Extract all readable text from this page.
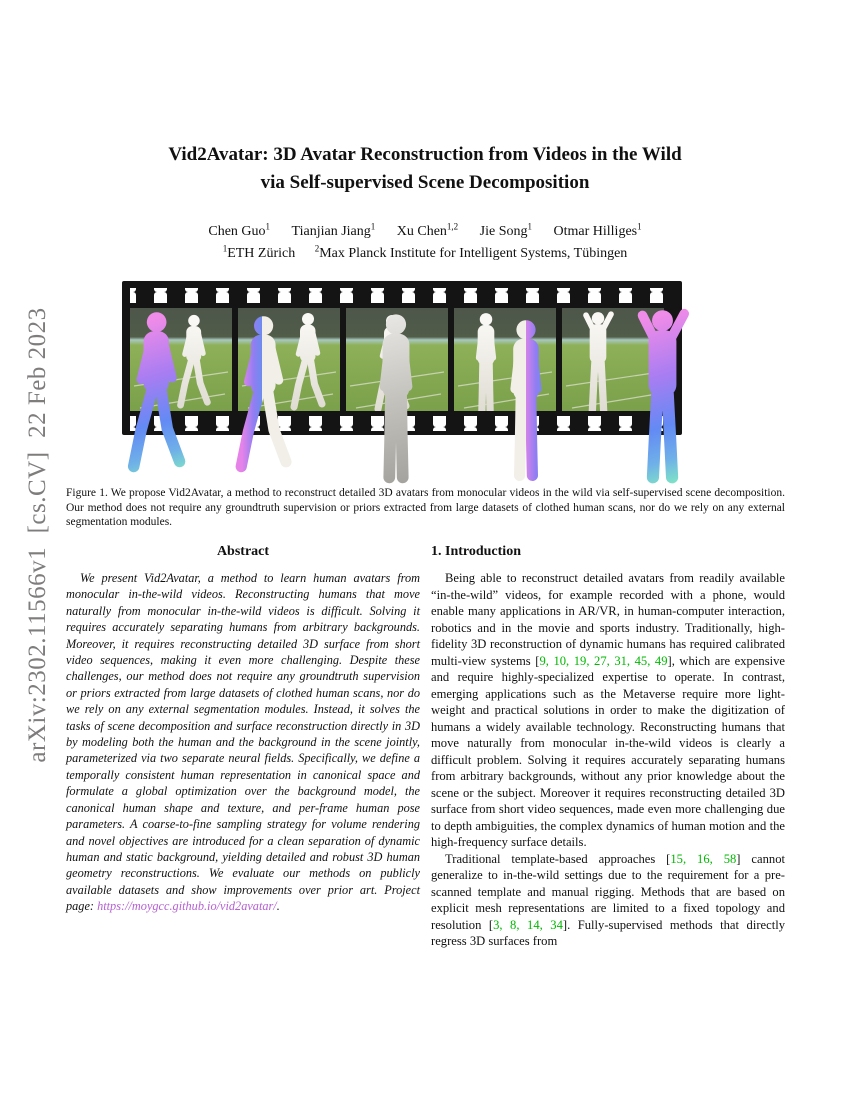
arXiv:2302.11566v1  [cs.CV]  22 Feb 2023
Vid2Avatar: 3D Avatar Reconstruction from Videos in the Wild
via Self-supervised Scene Decomposition
Chen Guo$^1$ Tianjian Jiang$^1$ Xu Chen$^{1,2}$ Jie Song$^1$ Otmar Hilliges$^1$
$^1$ETH Zürich $^2$Max Planck Institute for Intelligent Systems, Tübingen
Figure 1. We propose Vid2Avatar, a method to reconstruct detailed 3D avatars from monocular videos in the wild via self-supervised scene decomposition. Our method does not require any groundtruth supervision or priors extracted from large datasets of clothed human scans, nor do we rely on any external segmentation modules.
Abstract

We present Vid2Avatar, a method to learn human avatars from monocular in-the-wild videos. Reconstructing humans that move naturally from monocular in-the-wild videos is difficult. Solving it requires accurately separating humans from arbitrary backgrounds. Moreover, it requires reconstructing detailed 3D surface from short video sequences, making it even more challenging. Despite these challenges, our method does not require any groundtruth supervision or priors extracted from large datasets of clothed human scans, nor do we rely on any external segmentation modules. Instead, it solves the tasks of scene decomposition and surface reconstruction directly in 3D by modeling both the human and the background in the scene jointly, parameterized via two separate neural fields. Specifically, we define a temporally consistent human representation in canonical space and formulate a global optimization over the background model, the canonical human shape and texture, and per-frame human pose parameters. A coarse-to-fine sampling strategy for volume rendering and novel objectives are introduced for a clean separation of dynamic human and static background, yielding detailed and robust 3D human geometry reconstructions. We evaluate our methods on publicly available datasets and show improvements over prior art. Project page: https://moygcc.github.io/vid2avatar/.

1. Introduction

Being able to reconstruct detailed avatars from readily available “in-the-wild” videos, for example recorded with a phone, would enable many applications in AR/VR, in human-computer interaction, robotics and in the movie and sports industry. Traditionally, high-fidelity 3D reconstruction of dynamic humans has required calibrated multi-view systems [9, 10, 19, 27, 31, 45, 49], which are expensive and require highly-specialized expertise to operate. In contrast, emerging applications such as the Metaverse require more light-weight and practical solutions in order to make the digitization of humans a widely available technology. Reconstructing humans that move naturally from monocular in-the-wild videos is clearly a difficult problem. Solving it requires accurately separating humans from arbitrary backgrounds, without any prior knowledge about the scene or the subject. Moreover it requires reconstructing detailed 3D surface from short video sequences, made even more challenging due to depth ambiguities, the complex dynamics of human motion and the high-frequency surface details.

Traditional template-based approaches [15, 16, 58] cannot generalize to in-the-wild settings due to the requirement for a pre-scanned template and manual rigging. Methods that are based on explicit mesh representations are limited to a fixed topology and resolution [3, 8, 14, 34]. Fully-supervised methods that directly regress 3D surfaces from
